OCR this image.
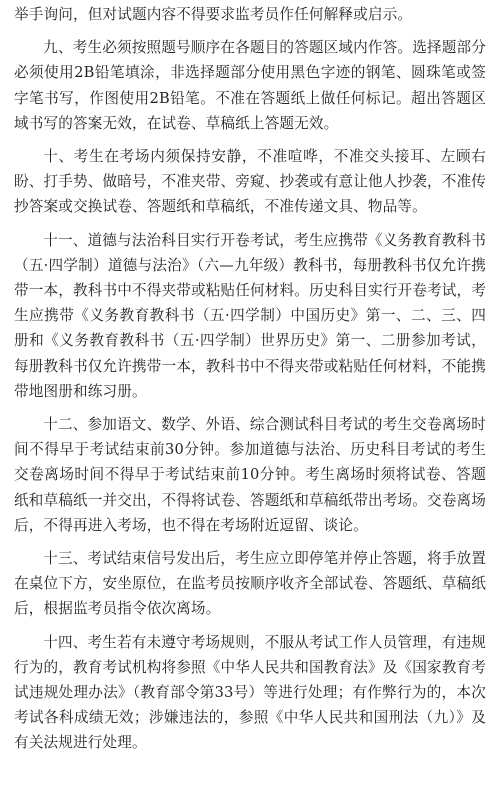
举手询问，但对试题内容不得要求监考员作任何解释或启示。

九、考生必须按照题号顺序在各题目的答题区域内作答。选择题部分必须使用2B铅笔填涂，非选择题部分使用黑色字迹的钢笔、圆珠笔或签字笔书写，作图使用2B铅笔。不准在答题纸上做任何标记。超出答题区域书写的答案无效，在试卷、草稿纸上答题无效。

十、考生在考场内须保持安静，不准喧哗，不准交头接耳、左顾右盼、打手势、做暗号，不准夹带、旁窥、抄袭或有意让他人抄袭，不准传抄答案或交换试卷、答题纸和草稿纸，不准传递文具、物品等。

十一、道德与法治科目实行开卷考试，考生应携带《义务教育教科书（五·四学制）道德与法治》（六—九年级）教科书，每册教科书仅允许携带一本，教科书中不得夹带或粘贴任何材料。历史科目实行开卷考试，考生应携带《义务教育教科书（五·四学制）中国历史》第一、二、三、四册和《义务教育教科书（五·四学制）世界历史》第一、二册参加考试，每册教科书仅允许携带一本，教科书中不得夹带或粘贴任何材料，不能携带地图册和练习册。

十二、参加语文、数学、外语、综合测试科目考试的考生交卷离场时间不得早于考试结束前30分钟。参加道德与法治、历史科目考试的考生交卷离场时间不得早于考试结束前10分钟。考生离场时须将试卷、答题纸和草稿纸一并交出，不得将试卷、答题纸和草稿纸带出考场。交卷离场后，不得再进入考场，也不得在考场附近逗留、谈论。

十三、考试结束信号发出后，考生应立即停笔并停止答题，将手放置在桌位下方，安坐原位，在监考员按顺序收齐全部试卷、答题纸、草稿纸后，根据监考员指令依次离场。

十四、考生若有未遵守考场规则，不服从考试工作人员管理，有违规行为的，教育考试机构将参照《中华人民共和国教育法》及《国家教育考试违规处理办法》（教育部令第33号）等进行处理；有作弊行为的，本次考试各科成绩无效；涉嫌违法的，参照《中华人民共和国刑法（九）》及有关法规进行处理。
